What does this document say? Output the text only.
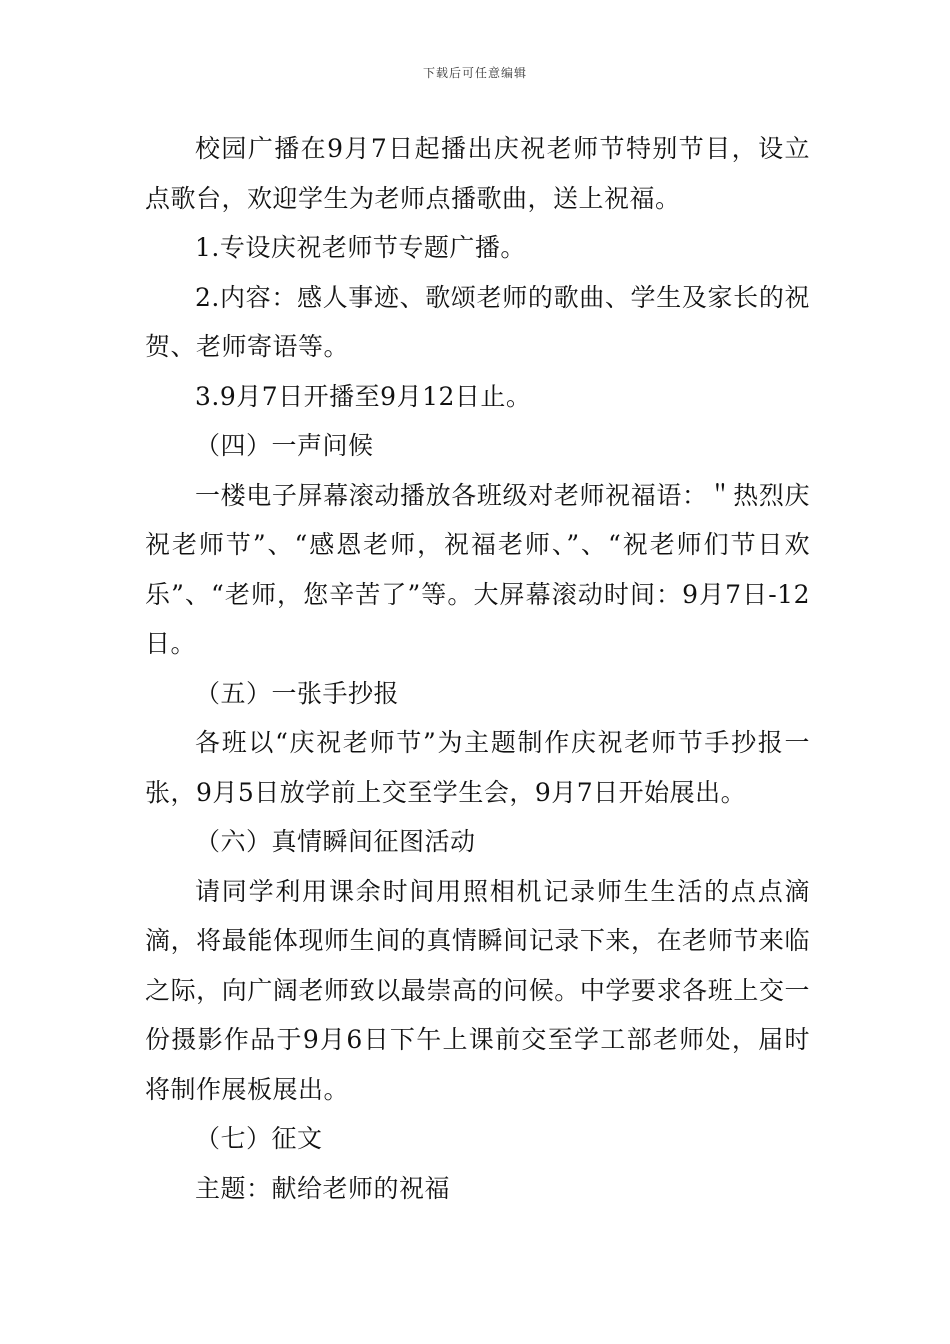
下载后可任意编辑

校园广播在9月7日起播出庆祝老师节特别节目，设立点歌台，欢迎学生为老师点播歌曲，送上祝福。

1.专设庆祝老师节专题广播。

2.内容：感人事迹、歌颂老师的歌曲、学生及家长的祝贺、老师寄语等。

3.9月7日开播至9月12日止。

（四）一声问候

一楼电子屏幕滚动播放各班级对老师祝福语：＂热烈庆祝老师节”、“感恩老师，祝福老师、”、“祝老师们节日欢乐”、“老师，您辛苦了”等。大屏幕滚动时间：9月7日-12日。

（五）一张手抄报

各班以“庆祝老师节”为主题制作庆祝老师节手抄报一张，9月5日放学前上交至学生会，9月7日开始展出。

（六）真情瞬间征图活动

请同学利用课余时间用照相机记录师生生活的点点滴滴，将最能体现师生间的真情瞬间记录下来，在老师节来临之际，向广阔老师致以最崇高的问候。中学要求各班上交一份摄影作品于9月6日下午上课前交至学工部老师处，届时将制作展板展出。

（七）征文

主题：献给老师的祝福
